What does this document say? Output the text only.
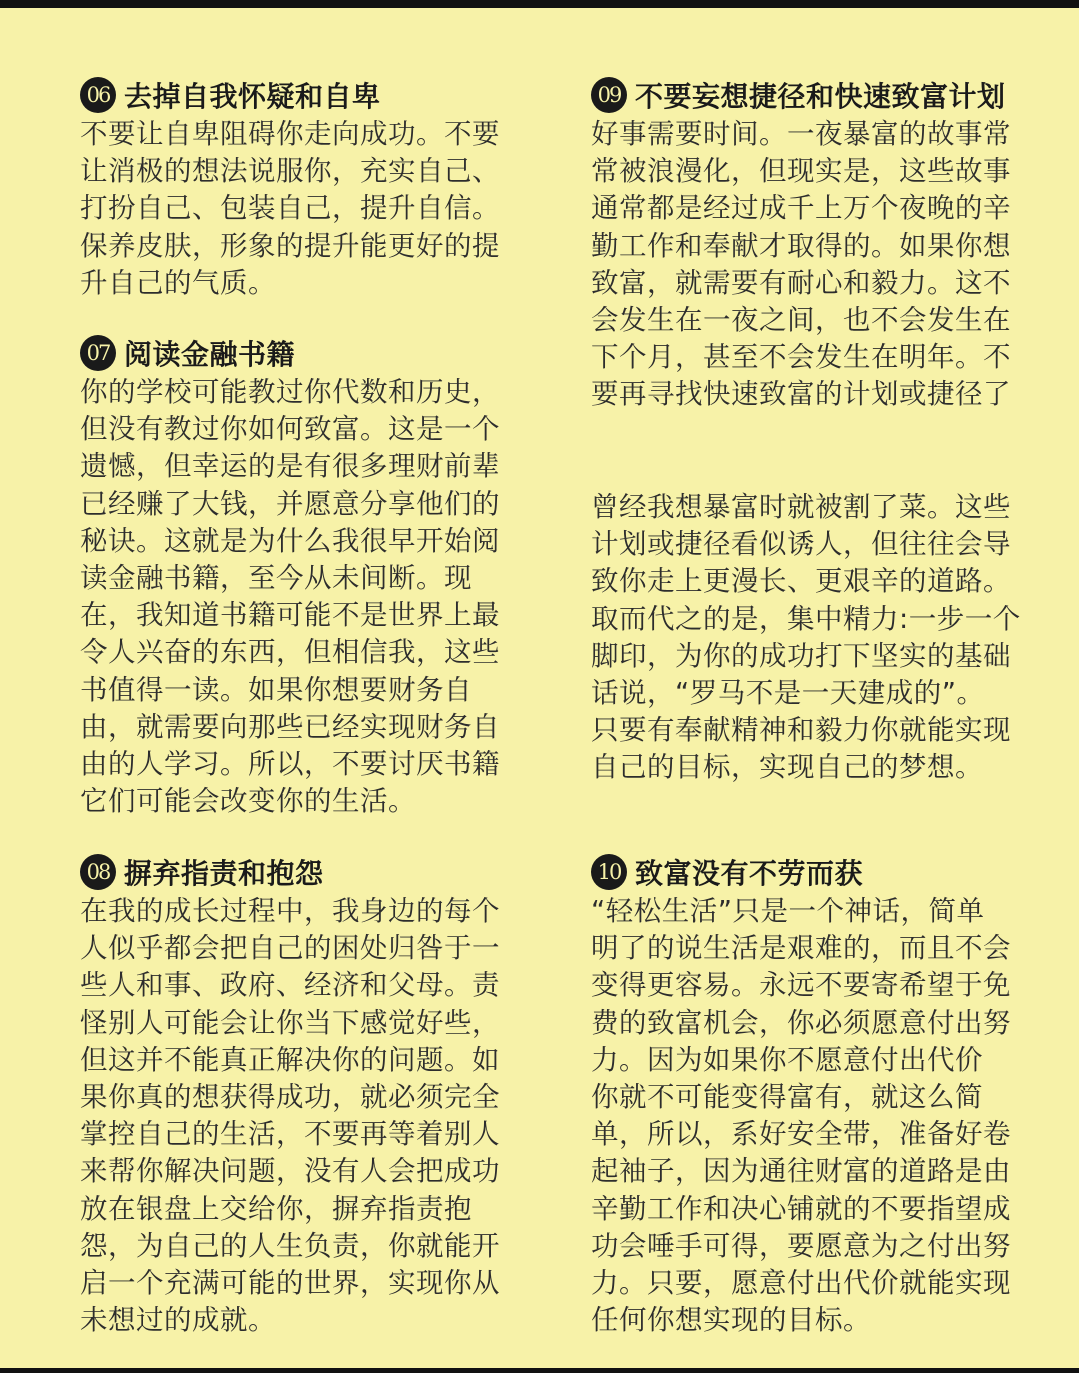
06 去掉自我怀疑和自卑
不要让自卑阻碍你走向成功。不要
让消极的想法说服你，充实自己、
打扮自己、包装自己，提升自信。
保养皮肤，形象的提升能更好的提
升自己的气质。
07 阅读金融书籍
你的学校可能教过你代数和历史，
但没有教过你如何致富。这是一个
遗憾，但幸运的是有很多理财前辈
已经赚了大钱，并愿意分享他们的
秘诀。这就是为什么我很早开始阅
读金融书籍，至今从未间断。现
在，我知道书籍可能不是世界上最
令人兴奋的东西，但相信我，这些
书值得一读。如果你想要财务自
由，就需要向那些已经实现财务自
由的人学习。所以，不要讨厌书籍
它们可能会改变你的生活。
08 摒弃指责和抱怨
在我的成长过程中，我身边的每个
人似乎都会把自己的困处归咎于一
些人和事、政府、经济和父母。责
怪别人可能会让你当下感觉好些，
但这并不能真正解决你的问题。如
果你真的想获得成功，就必须完全
掌控自己的生活，不要再等着别人
来帮你解决问题，没有人会把成功
放在银盘上交给你，摒弃指责抱
怨，为自己的人生负责，你就能开
启一个充满可能的世界，实现你从
未想过的成就。
09 不要妄想捷径和快速致富计划
好事需要时间。一夜暴富的故事常
常被浪漫化，但现实是，这些故事
通常都是经过成千上万个夜晚的辛
勤工作和奉献才取得的。如果你想
致富，就需要有耐心和毅力。这不
会发生在一夜之间，也不会发生在
下个月，甚至不会发生在明年。不
要再寻找快速致富的计划或捷径了
曾经我想暴富时就被割了菜。这些
计划或捷径看似诱人，但往往会导
致你走上更漫长、更艰辛的道路。
取而代之的是，集中精力:一步一个
脚印，为你的成功打下坚实的基础
话说，“罗马不是一天建成的”。
只要有奉献精神和毅力你就能实现
自己的目标，实现自己的梦想。
10 致富没有不劳而获
“轻松生活”只是一个神话，简单
明了的说生活是艰难的，而且不会
变得更容易。永远不要寄希望于免
费的致富机会，你必须愿意付出努
力。因为如果你不愿意付出代价
你就不可能变得富有，就这么简
单，所以，系好安全带，准备好卷
起袖子，因为通往财富的道路是由
辛勤工作和决心铺就的不要指望成
功会唾手可得，要愿意为之付出努
力。只要，愿意付出代价就能实现
任何你想实现的目标。
